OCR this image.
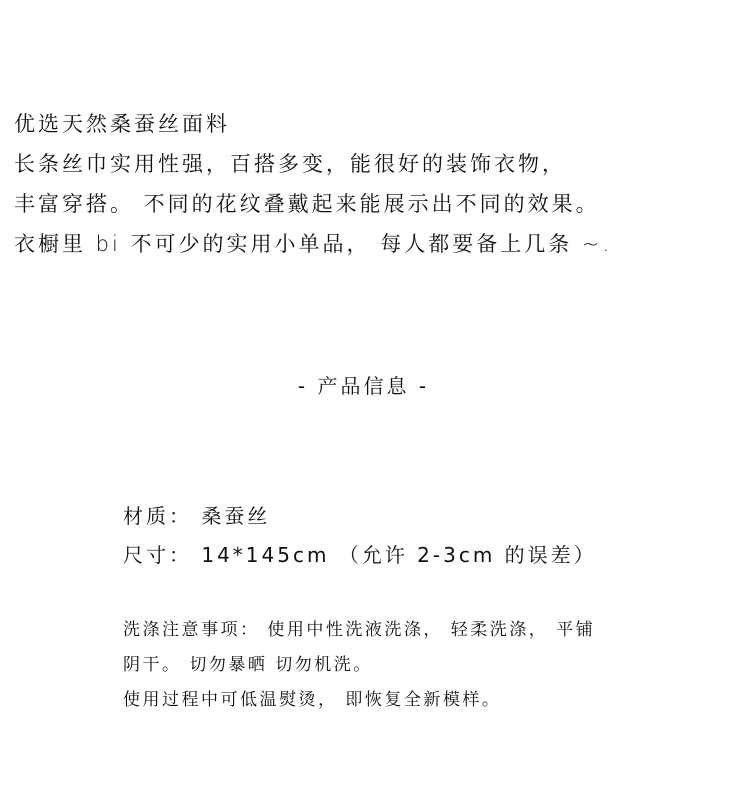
优选天然桑蚕丝面料
长条丝巾实用性强，百搭多变，能很好的装饰衣物，
丰富穿搭。 不同的花纹叠戴起来能展示出不同的效果。
衣橱里 bi 不可少的实用小单品， 每人都要备上几条 ~.
- 产品信息 -
材质： 桑蚕丝
尺寸： 14*145cm （允许 2-3cm 的误差）
洗涤注意事项： 使用中性洗液洗涤， 轻柔洗涤， 平铺
阴干。 切勿暴晒 切勿机洗。
使用过程中可低温熨烫， 即恢复全新模样。
